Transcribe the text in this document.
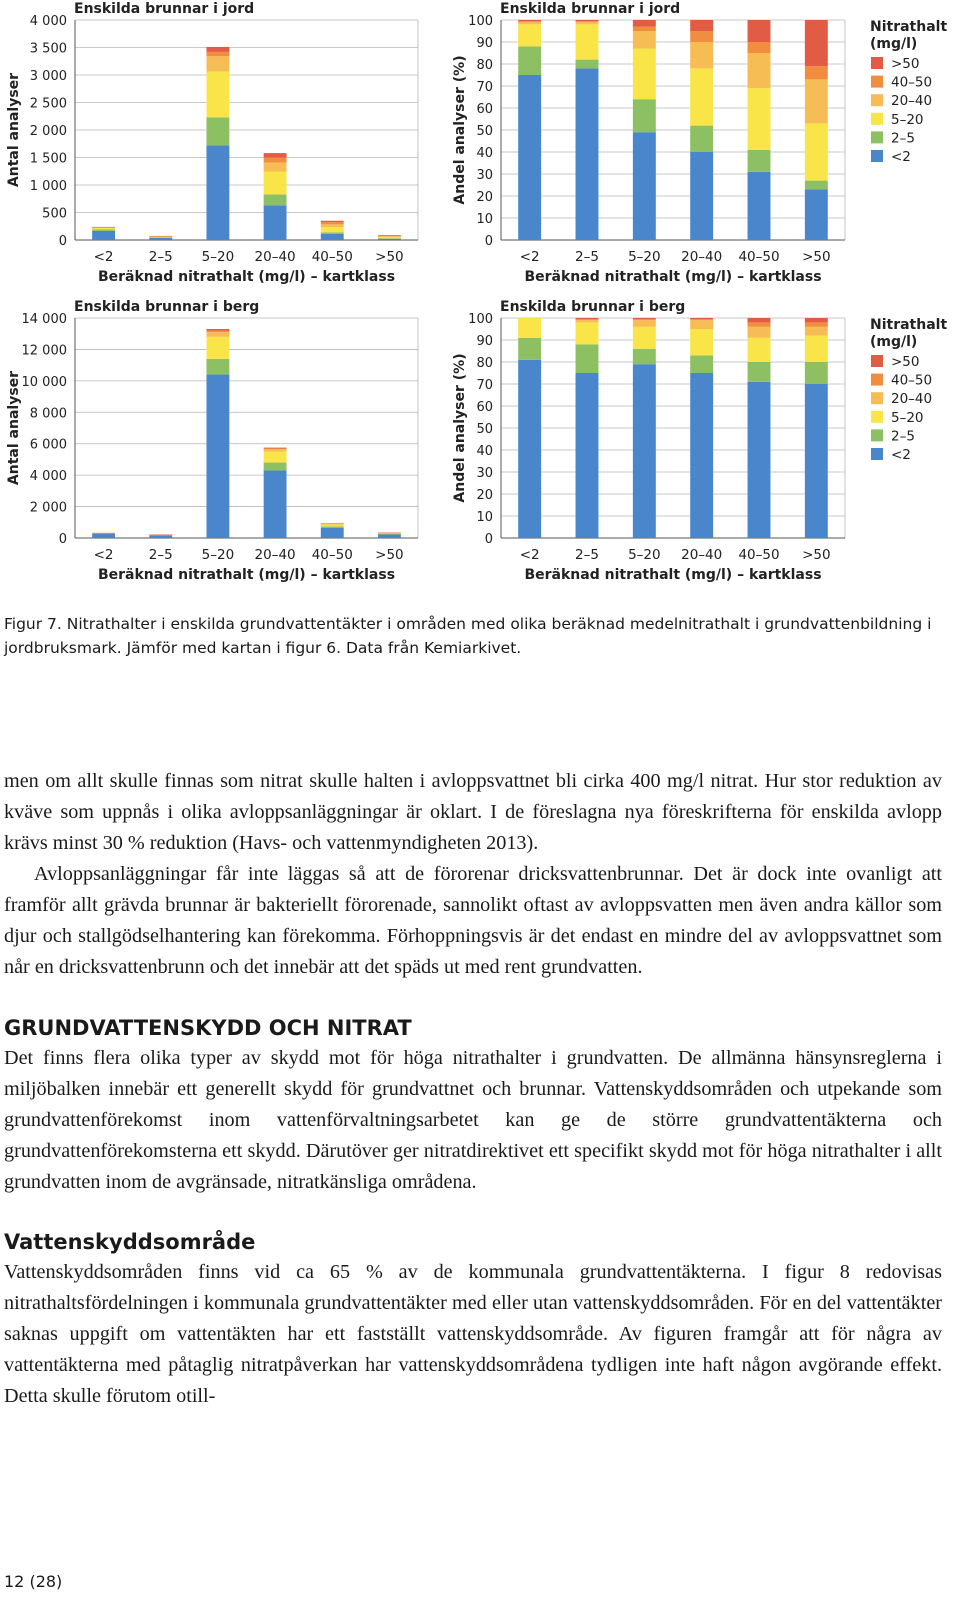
0
500
1 000
1 500
2 000
2 500
3 000
3 500
4 000
Enskilda brunnar i jord
Antal analyser
<2	2–5 5–20 20–40 40–50 >50
Beräknad nitrathalt (mg/l) – kartklass
0
10
20
30
40
50
60
70
80
90
100
Enskilda brunnar i jord
Andel analyser (%)
<2	2–5 5–20 20–40 40–50 >50
Beräknad nitrathalt (mg/l) – kartklass
0
2 000
4 000
6 000
8 000
10 000
12 000
14 000
Enskilda brunnar i berg
Antal analyser
<2	2–5 5–20 20–40 40–50 >50
Beräknad nitrathalt (mg/l) – kartklass
0
10
20
30
40
50
60
70
80
90
100
Enskilda brunnar i berg
Andel analyser (%)
<2	2–5 5–20 20–40 40–50 >50
Beräknad nitrathalt (mg/l) – kartklass
Nitrathalt
(mg/l)
>50
40–50
20–40
5–20
2–5
<2
Nitrathalt
(mg/l)
>50
40–50
20–40
5–20
2–5
<2

Figur 7. Nitrathalter i enskilda grundvattentäkter i områden med olika beräknad medelnitrathalt i grundvattenbildning i jordbruksmark. Jämför med kartan i figur 6. Data från Kemiarkivet.

men om allt skulle finnas som nitrat skulle halten i avloppsvattnet bli cirka 400 mg/l nitrat. Hur stor reduktion av kväve som uppnås i olika avloppsanläggningar är oklart. I de föreslagna nya föreskrifterna för enskilda avlopp krävs minst 30 % reduktion (Havs- och vattenmyndigheten 2013).

Avloppsanläggningar får inte läggas så att de förorenar dricksvattenbrunnar. Det är dock inte ovanligt att framför allt grävda brunnar är bakteriellt förorenade, sannolikt oftast av avloppsvatten men även andra källor som djur och stallgödselhantering kan förekomma. Förhoppningsvis är det endast en mindre del av avloppsvattnet som når en dricksvattenbrunn och det innebär att det späds ut med rent grundvatten.

GRUNDVATTENSKYDD OCH NITRAT

Det finns flera olika typer av skydd mot för höga nitrathalter i grundvatten. De allmänna hänsynsreglerna i miljöbalken innebär ett generellt skydd för grundvattnet och brunnar. Vattenskyddsområden och utpekande som grundvattenförekomst inom vattenförvaltningsarbetet kan ge de större grundvattentäkterna och grundvattenförekomsterna ett skydd. Därutöver ger nitratdirektivet ett specifikt skydd mot för höga nitrathalter i allt grundvatten inom de avgränsade, nitratkänsliga områdena.

Vattenskyddsområde

Vattenskyddsområden finns vid ca 65 % av de kommunala grundvattentäkterna. I figur 8 redovisas nitrathaltsfördelningen i kommunala grundvattentäkter med eller utan vattenskyddsområden. För en del vattentäkter saknas uppgift om vattentäkten har ett fastställt vattenskyddsområde. Av figuren framgår att för några av vattentäkterna med påtaglig nitratpåverkan har vattenskyddsområdena tydligen inte haft någon avgörande effekt. Detta skulle förutom otill-

12 (28)
